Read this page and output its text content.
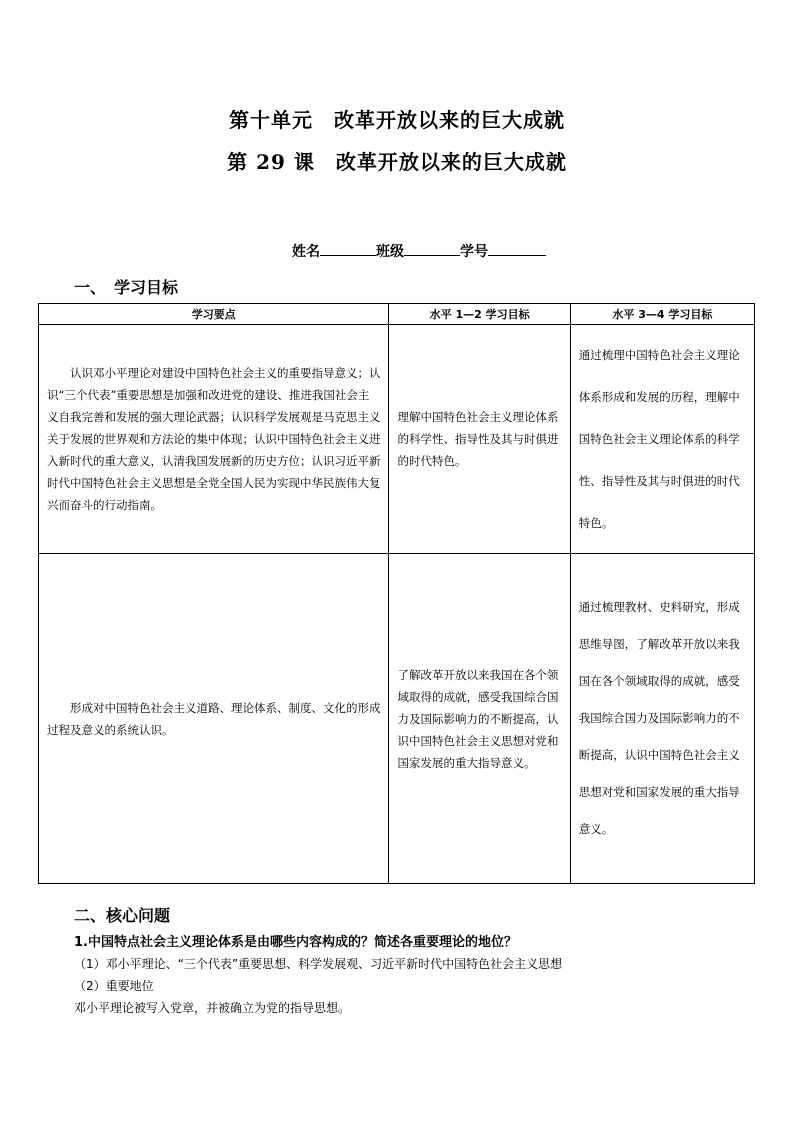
第十单元　改革开放以来的巨大成就
第 29 课　改革开放以来的巨大成就
姓名	班级	学号
一、　学习目标
学习要点	水平 1—2 学习目标	水平 3—4 学习目标
认识邓小平理论对建设中国特色社会主义的重要指导意义；认识“三个代表”重要思想是加强和改进党的建设、推进我国社会主义自我完善和发展的强大理论武器；认识科学发展观是马克思主义关于发展的世界观和方法论的集中体现；认识中国特色社会主义进入新时代的重大意义，认清我国发展新的历史方位；认识习近平新时代中国特色社会主义思想是全党全国人民为实现中华民族伟大复兴而奋斗的行动指南。	理解中国特色社会主义理论体系的科学性、指导性及其与时俱进的时代特色。	通过梳理中国特色社会主义理论体系形成和发展的历程，理解中国特色社会主义理论体系的科学性、指导性及其与时俱进的时代特色。
形成对中国特色社会主义道路、理论体系、制度、文化的形成过程及意义的系统认识。	了解改革开放以来我国在各个领域取得的成就，感受我国综合国力及国际影响力的不断提高，认识中国特色社会主义思想对党和国家发展的重大指导意义。	通过梳理教材、史料研究，形成思维导图，了解改革开放以来我国在各个领域取得的成就，感受我国综合国力及国际影响力的不断提高，认识中国特色社会主义思想对党和国家发展的重大指导意义。
二、核心问题
1.中国特点社会主义理论体系是由哪些内容构成的？简述各重要理论的地位？
（1）邓小平理论、“三个代表”重要思想、科学发展观、习近平新时代中国特色社会主义思想
（2）重要地位
邓小平理论被写入党章，并被确立为党的指导思想。
